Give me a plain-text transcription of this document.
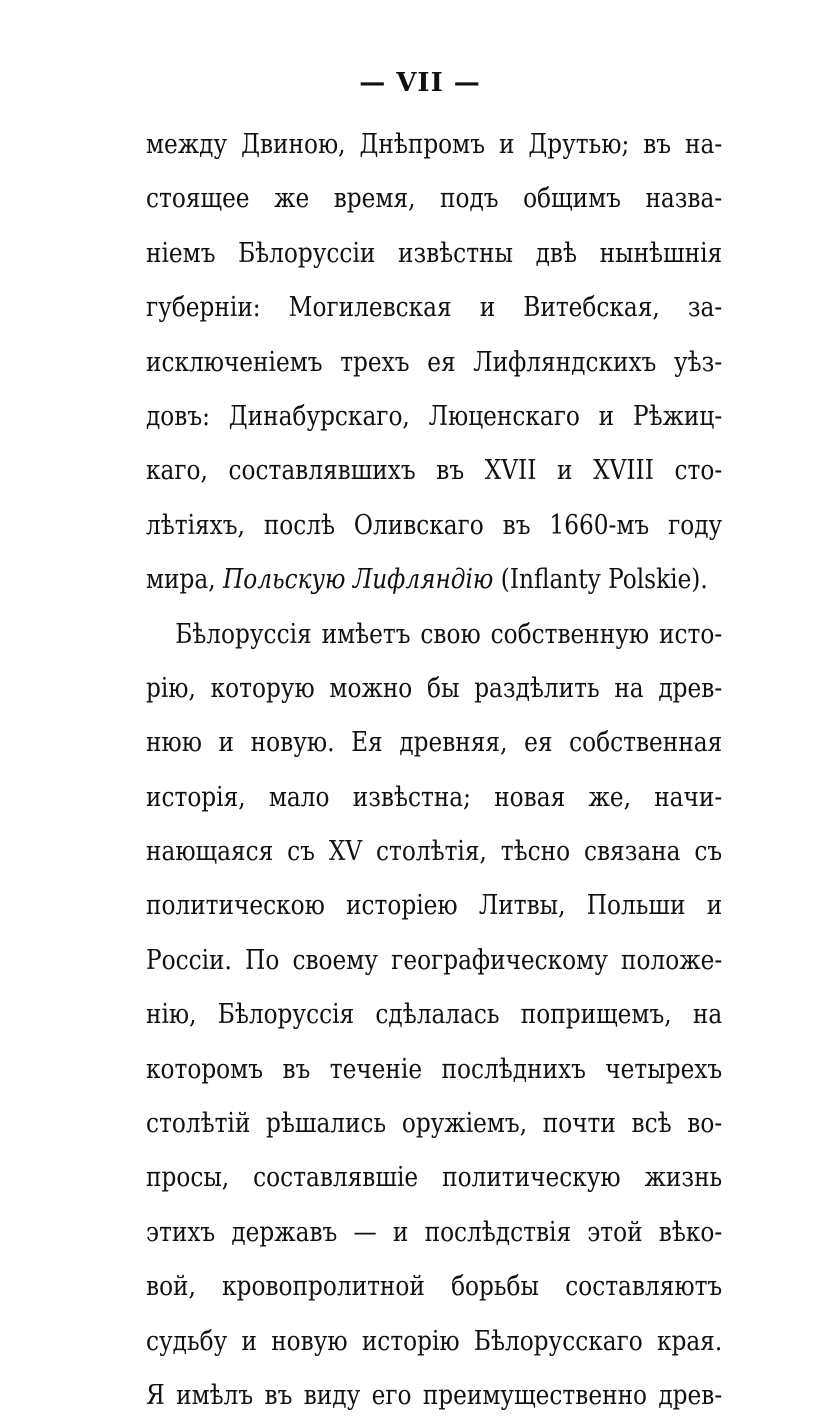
— VII —
между Двиною, Днѣпромъ и Друтью; въ на-
стоящее же время, подъ общимъ назва-
ніемъ Бѣлоруссіи извѣстны двѣ нынѣшнія
губерніи: Могилевская и Витебская, за-
исключеніемъ трехъ ея Лифляндскихъ уѣз-
довъ: Динабурскаго, Люценскаго и Рѣжиц-
каго, составлявшихъ въ XVII и XVIII сто-
лѣтіяхъ, послѣ Оливскаго въ 1660-мъ году
мира, Польскую Лифляндію (Inflanty Polskie).
Бѣлоруссія имѣетъ свою собственную исто-
рію, которую можно бы раздѣлить на древ-
нюю и новую. Ея древняя, ея собственная
исторія, мало извѣстна; новая же, начи-
нающаяся съ XV столѣтія, тѣсно связана съ
политическою исторіею Литвы, Польши и
Россіи. По своему географическому положе-
нію, Бѣлоруссія сдѣлалась поприщемъ, на
которомъ въ теченіе послѣднихъ четырехъ
столѣтій рѣшались оружіемъ, почти всѣ во-
просы, составлявшіе политическую жизнь
этихъ державъ — и послѣдствія этой вѣко-
вой, кровопролитной борьбы составляютъ
судьбу и новую исторію Бѣлорусскаго края.
Я имѣлъ въ виду его преимущественно древ-
